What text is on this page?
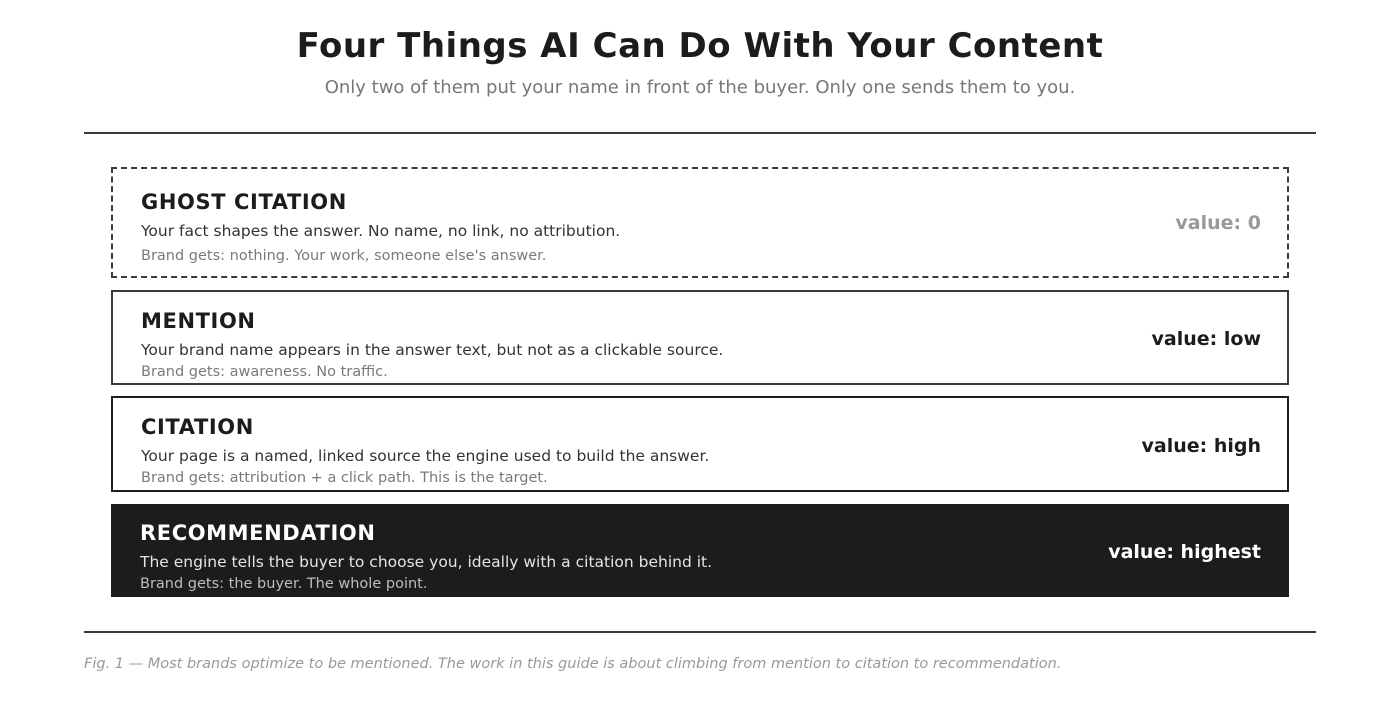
Four Things AI Can Do With Your Content
Only two of them put your name in front of the buyer. Only one sends them to you.
GHOST CITATION
Your fact shapes the answer. No name, no link, no attribution.
Brand gets: nothing. Your work, someone else's answer.
value: 0
MENTION
Your brand name appears in the answer text, but not as a clickable source.
Brand gets: awareness. No traffic.
value: low
CITATION
Your page is a named, linked source the engine used to build the answer.
Brand gets: attribution + a click path. This is the target.
value: high
RECOMMENDATION
The engine tells the buyer to choose you, ideally with a citation behind it.
Brand gets: the buyer. The whole point.
value: highest
Fig. 1 — Most brands optimize to be mentioned. The work in this guide is about climbing from mention to citation to recommendation.
